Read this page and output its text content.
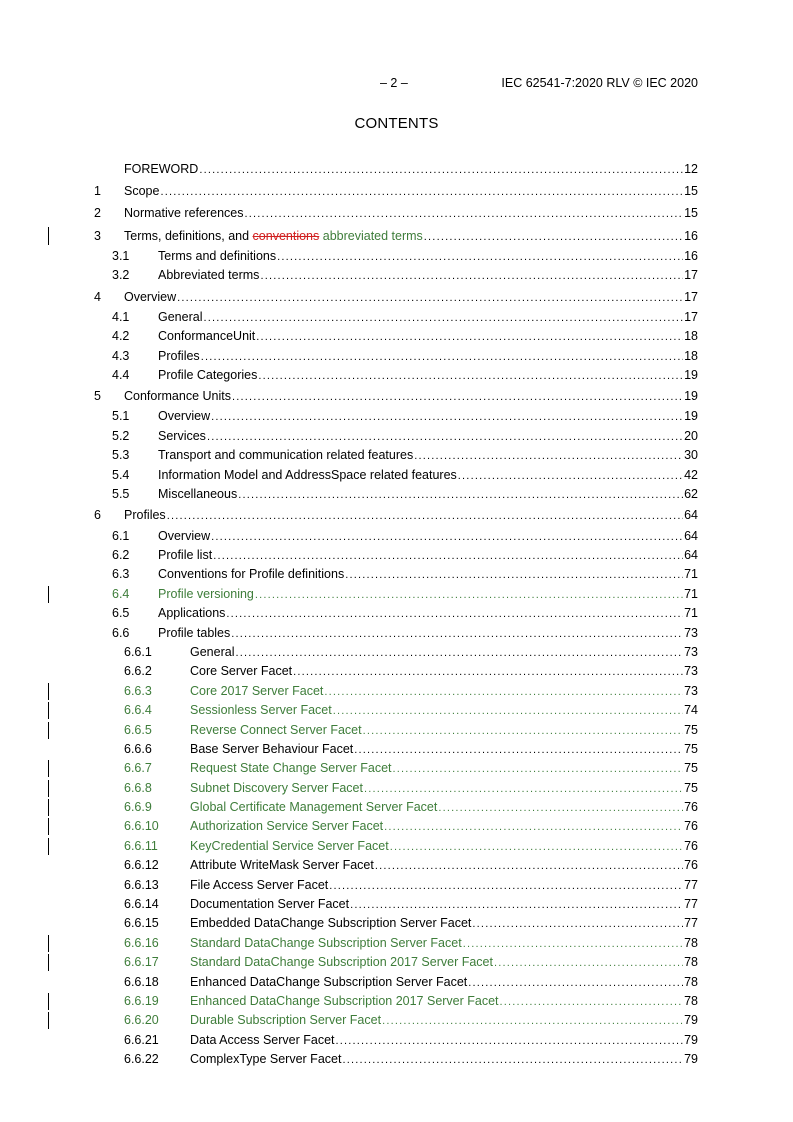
– 2 –	IEC 62541-7:2020 RLV © IEC 2020
CONTENTS
FOREWORD .....	12
1	Scope .....	15
2	Normative references .....	15
3	Terms, definitions, and conventions abbreviated terms .....	16
3.1	Terms and definitions .....	16
3.2	Abbreviated terms .....	17
4	Overview .....	17
4.1	General .....	17
4.2	ConformanceUnit .....	18
4.3	Profiles .....	18
4.4	Profile Categories .....	19
5	Conformance Units .....	19
5.1	Overview .....	19
5.2	Services .....	20
5.3	Transport and communication related features .....	30
5.4	Information Model and AddressSpace related features .....	42
5.5	Miscellaneous .....	62
6	Profiles .....	64
6.1	Overview .....	64
6.2	Profile list .....	64
6.3	Conventions for Profile definitions .....	71
6.4	Profile versioning .....	71
6.5	Applications .....	71
6.6	Profile tables .....	73
6.6.1	General .....	73
6.6.2	Core Server Facet .....	73
6.6.3	Core 2017 Server Facet .....	73
6.6.4	Sessionless Server Facet .....	74
6.6.5	Reverse Connect Server Facet .....	75
6.6.6	Base Server Behaviour Facet .....	75
6.6.7	Request State Change Server Facet .....	75
6.6.8	Subnet Discovery Server Facet .....	75
6.6.9	Global Certificate Management Server Facet .....	76
6.6.10	Authorization Service Server Facet .....	76
6.6.11	KeyCredential Service Server Facet .....	76
6.6.12	Attribute WriteMask Server Facet .....	76
6.6.13	File Access Server Facet .....	77
6.6.14	Documentation Server Facet .....	77
6.6.15	Embedded DataChange Subscription Server Facet .....	77
6.6.16	Standard DataChange Subscription Server Facet .....	78
6.6.17	Standard DataChange Subscription 2017 Server Facet .....	78
6.6.18	Enhanced DataChange Subscription Server Facet .....	78
6.6.19	Enhanced DataChange Subscription 2017 Server Facet .....	78
6.6.20	Durable Subscription Server Facet .....	79
6.6.21	Data Access Server Facet .....	79
6.6.22	ComplexType Server Facet .....	79
